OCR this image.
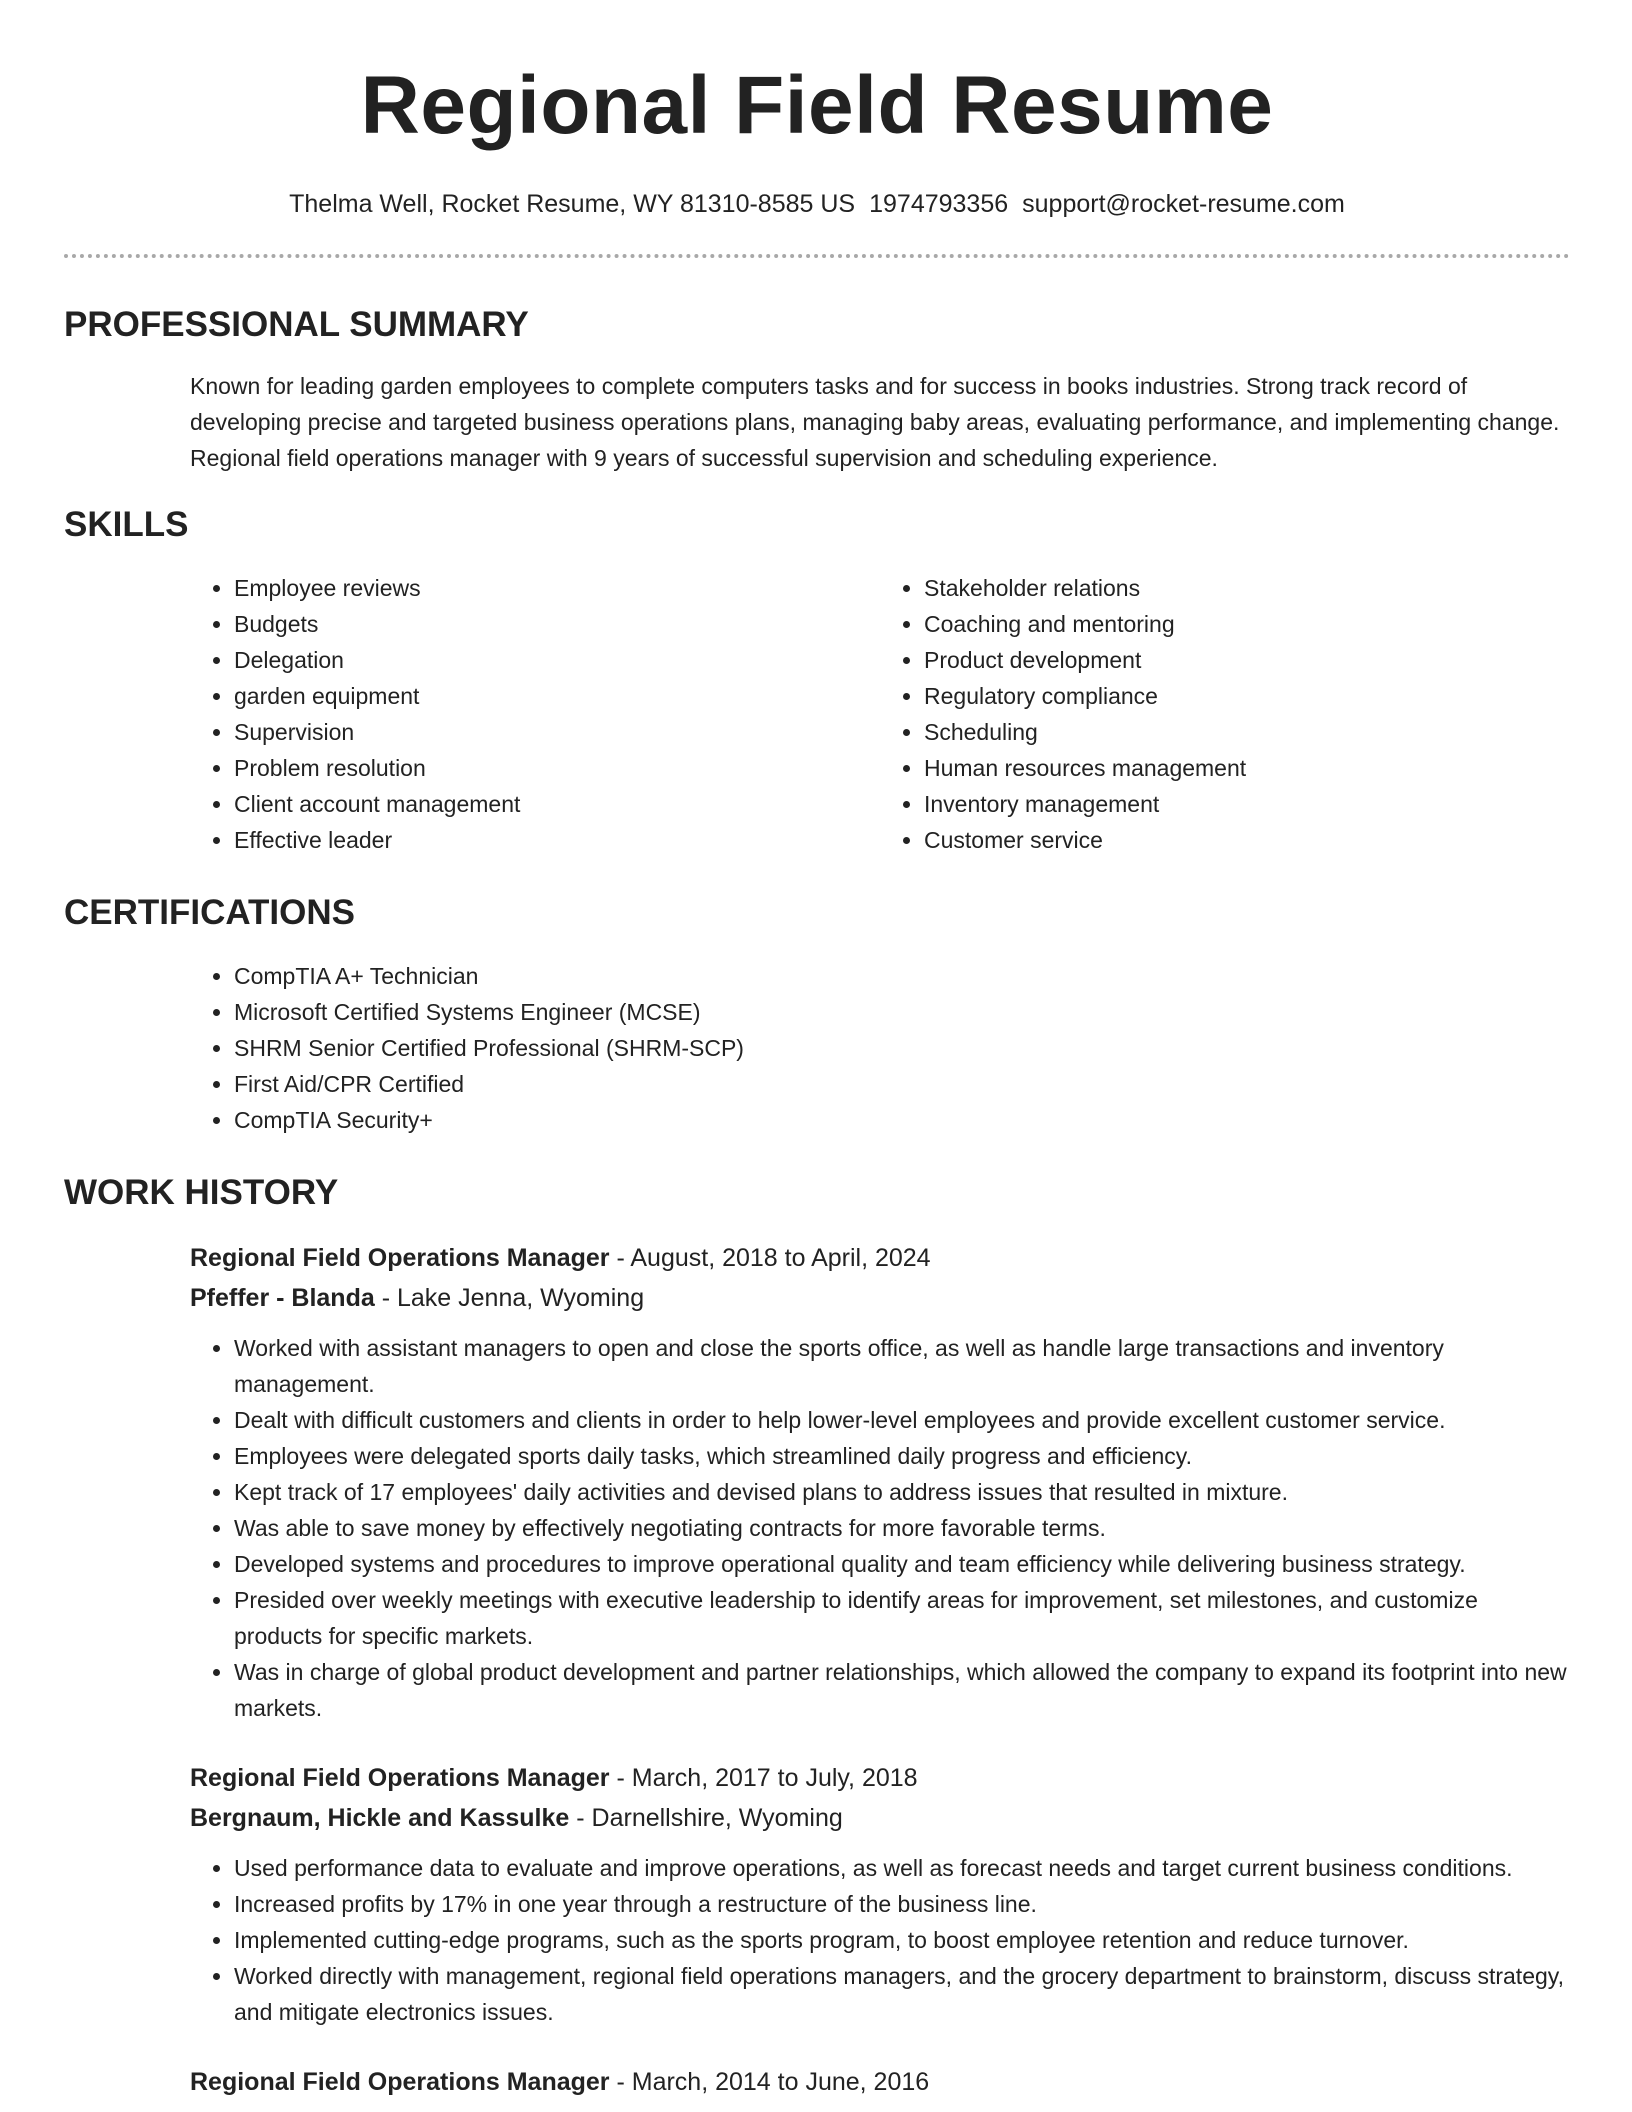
Regional Field Resume
Thelma Well, Rocket Resume, WY 81310-8585 US 1974793356 support@rocket-resume.com
PROFESSIONAL SUMMARY

Known for leading garden employees to complete computers tasks and for success in books industries. Strong track record of developing precise and targeted business operations plans, managing baby areas, evaluating performance, and implementing change. Regional field operations manager with 9 years of successful supervision and scheduling experience.

SKILLS
• Employee reviews
• Budgets
• Delegation
• garden equipment
• Supervision
• Problem resolution
• Client account management
• Effective leader
• Stakeholder relations
• Coaching and mentoring
• Product development
• Regulatory compliance
• Scheduling
• Human resources management
• Inventory management
• Customer service
CERTIFICATIONS
• CompTIA A+ Technician
• Microsoft Certified Systems Engineer (MCSE)
• SHRM Senior Certified Professional (SHRM-SCP)
• First Aid/CPR Certified
• CompTIA Security+
WORK HISTORY
Regional Field Operations Manager - August, 2018 to April, 2024
Pfeffer - Blanda - Lake Jenna, Wyoming
• Worked with assistant managers to open and close the sports office, as well as handle large transactions and inventory management.
• Dealt with difficult customers and clients in order to help lower-level employees and provide excellent customer service.
• Employees were delegated sports daily tasks, which streamlined daily progress and efficiency.
• Kept track of 17 employees' daily activities and devised plans to address issues that resulted in mixture.
• Was able to save money by effectively negotiating contracts for more favorable terms.
• Developed systems and procedures to improve operational quality and team efficiency while delivering business strategy.
• Presided over weekly meetings with executive leadership to identify areas for improvement, set milestones, and customize products for specific markets.
• Was in charge of global product development and partner relationships, which allowed the company to expand its footprint into new markets.
Regional Field Operations Manager - March, 2017 to July, 2018
Bergnaum, Hickle and Kassulke - Darnellshire, Wyoming
• Used performance data to evaluate and improve operations, as well as forecast needs and target current business conditions.
• Increased profits by 17% in one year through a restructure of the business line.
• Implemented cutting-edge programs, such as the sports program, to boost employee retention and reduce turnover.
• Worked directly with management, regional field operations managers, and the grocery department to brainstorm, discuss strategy, and mitigate electronics issues.
Regional Field Operations Manager - March, 2014 to June, 2016
